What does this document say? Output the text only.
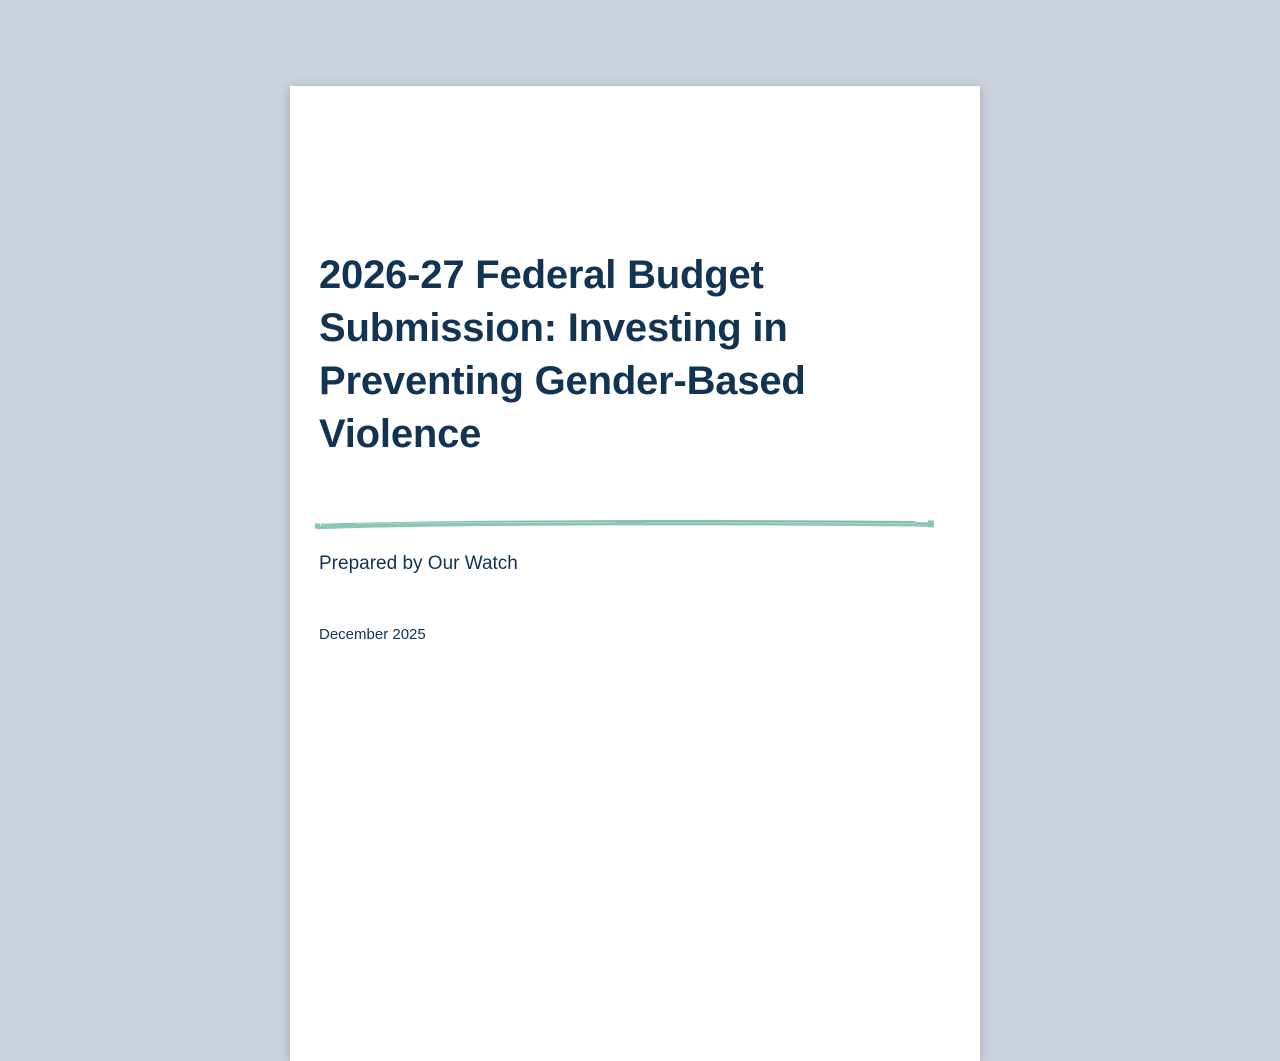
2026-27 Federal Budget Submission: Investing in Preventing Gender-Based Violence
Prepared by Our Watch
December 2025
